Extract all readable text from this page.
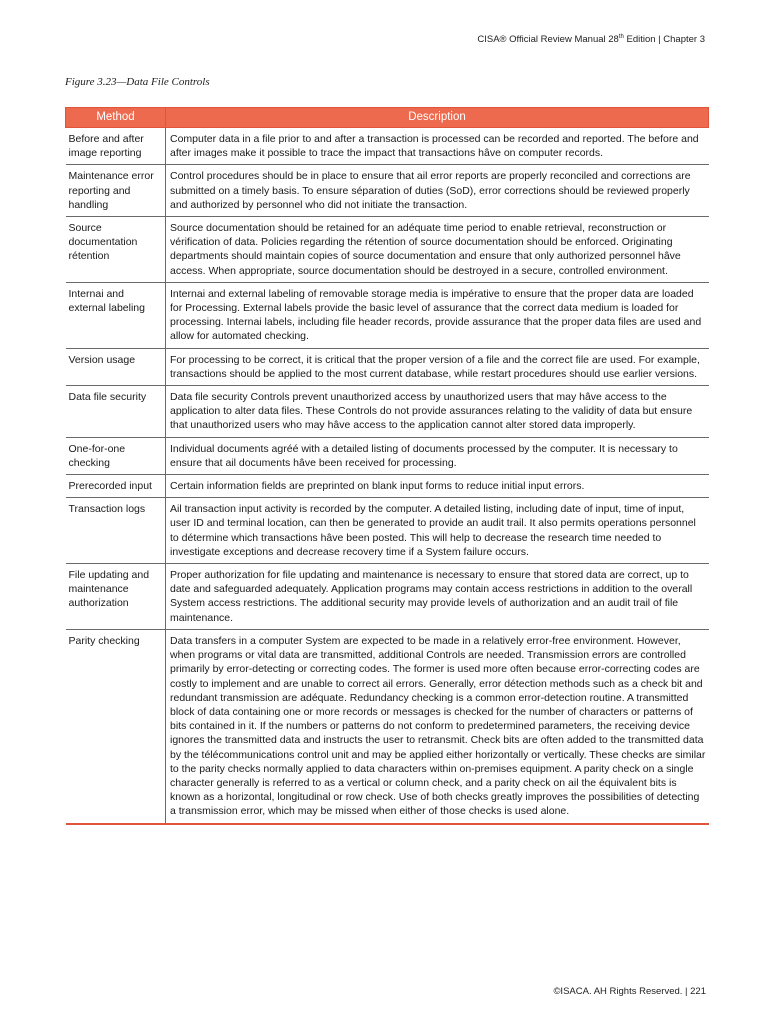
CISA® Official Review Manual 28th Edition | Chapter 3
Figure 3.23—Data File Controls
Method	Description
Before and after image reporting	Computer data in a file prior to and after a transaction is processed can be recorded and reported. The before and after images make it possible to trace the impact that transactions hâve on computer records.
Maintenance error reporting and handling	Control procedures should be in place to ensure that ail error reports are properly reconciled and corrections are submitted on a timely basis. To ensure séparation of duties (SoD), error corrections should be reviewed properly and authorized by personnel who did not initiate the transaction.
Source documentation rétention	Source documentation should be retained for an adéquate time period to enable retrieval, reconstruction or vérification of data. Policies regarding the rétention of source documentation should be enforced. Originating departments should maintain copies of source documentation and ensure that only authorized personnel hâve access. When appropriate, source documentation should be destroyed in a secure, controlled environment.
Internai and external labeling	Internai and external labeling of removable storage media is impérative to ensure that the proper data are loaded for Processing. External labels provide the basic level of assurance that the correct data medium is loaded for processing. Internai labels, including file header records, provide assurance that the proper data files are used and allow for automated checking.
Version usage	For processing to be correct, it is critical that the proper version of a file and the correct file are used. For example, transactions should be applied to the most current database, while restart procedures should use earlier versions.
Data file security	Data file security Controls prevent unauthorized access by unauthorized users that may hâve access to the application to alter data files. These Controls do not provide assurances relating to the validity of data but ensure that unauthorized users who may hâve access to the application cannot alter stored data improperly.
One-for-one checking	Individual documents agréé with a detailed listing of documents processed by the computer. It is necessary to ensure that ail documents hâve been received for processing.
Prerecorded input	Certain information fields are preprinted on blank input forms to reduce initial input errors.
Transaction logs	Ail transaction input activity is recorded by the computer. A detailed listing, including date of input, time of input, user ID and terminal location, can then be generated to provide an audit trail. It also permits operations personnel to détermine which transactions hâve been posted. This will help to decrease the research time needed to investigate exceptions and decrease recovery time if a System failure occurs.
File updating and maintenance authorization	Proper authorization for file updating and maintenance is necessary to ensure that stored data are correct, up to date and safeguarded adequately. Application programs may contain access restrictions in addition to the overall System access restrictions. The additional security may provide levels of authorization and an audit trail of file maintenance.
Parity checking	Data transfers in a computer System are expected to be made in a relatively error-free environment. However, when programs or vital data are transmitted, additional Controls are needed. Transmission errors are controlled primarily by error-detecting or correcting codes. The former is used more often because error-correcting codes are costly to implement and are unable to correct ail errors. Generally, error détection methods such as a check bit and redundant transmission are adéquate. Redundancy checking is a common error-detection routine. A transmitted block of data containing one or more records or messages is checked for the number of characters or patterns of bits contained in it. If the numbers or patterns do not conform to predetermined parameters, the receiving device ignores the transmitted data and instructs the user to retransmit. Check bits are often added to the transmitted data by the télécommunications control unit and may be applied either horizontally or vertically. These checks are similar to the parity checks normally applied to data characters within on-premises equipment. A parity check on a single character generally is referred to as a vertical or column check, and a parity check on ail the équivalent bits is known as a horizontal, longitudinal or row check. Use of both checks greatly improves the possibilities of detecting a transmission error, which may be missed when either of those checks is used alone.
©ISACA. AH Rights Reserved. | 221
